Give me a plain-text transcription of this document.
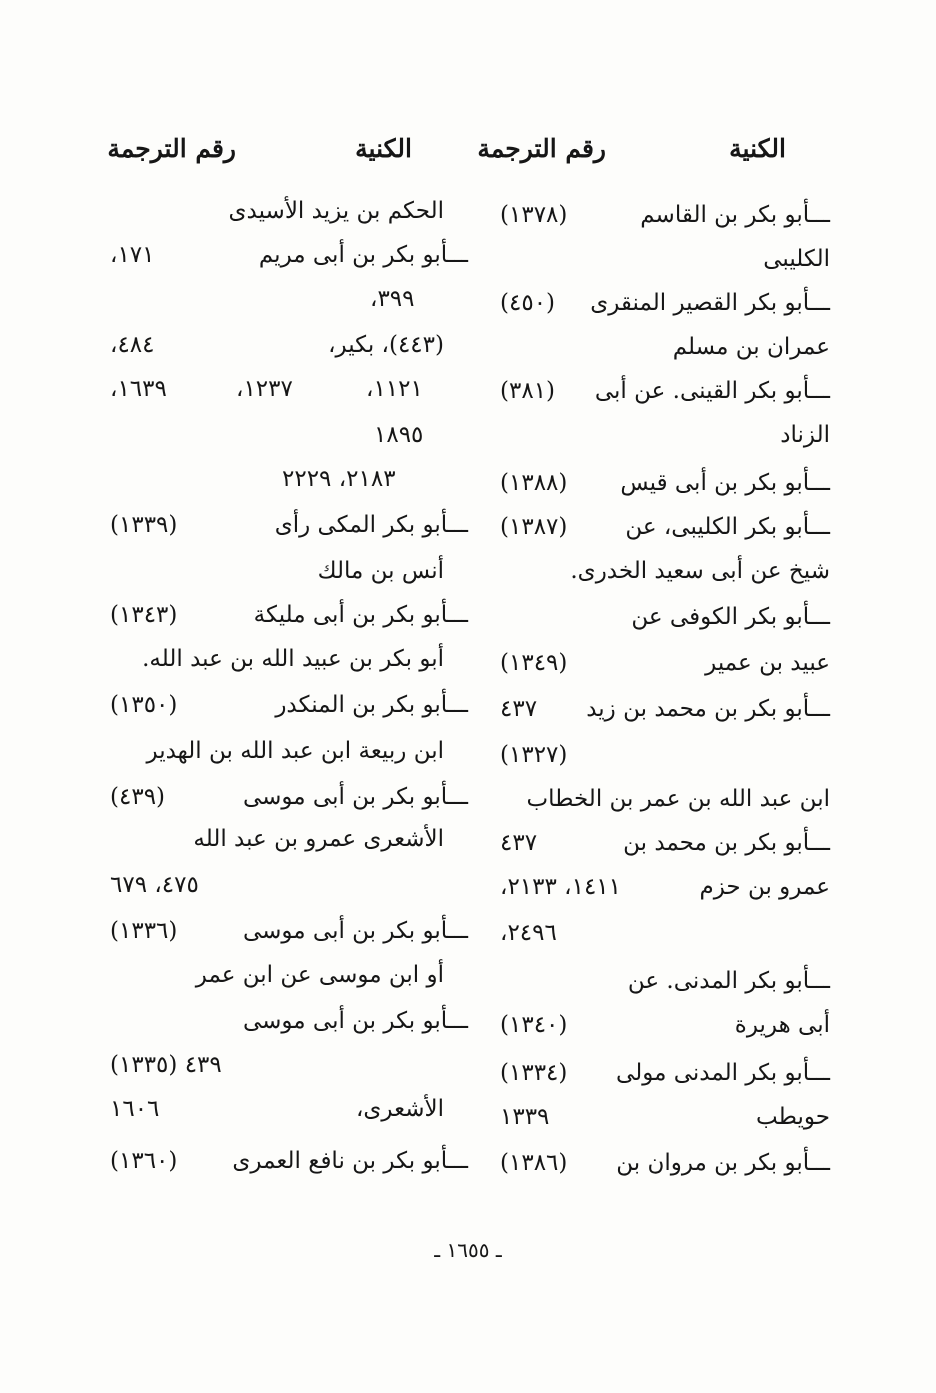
الكنية
رقم الترجمة
الكنية
رقم الترجمة
ـــأبو بكر بن القاسم
الكليبى
ـــأبو بكر القصير المنقرى
عمران بن مسلم
ـــأبو بكر القينى. عن أبى
الزناد
ـــأبو بكر بن أبى قيس
ـــأبو بكر الكليبى، عن
شيخ عن أبى سعيد الخدرى.
ـــأبو بكر الكوفى عن
عبيد بن عمير
ـــأبو بكر بن محمد بن زيد
ابن عبد الله بن عمر بن الخطاب
ـــأبو بكر بن محمد بن
عمرو بن حزم
ـــأبو بكر المدنى. عن
أبى هريرة
ـــأبو بكر المدنى مولى
حويطب
ـــأبو بكر بن مروان بن
(١٣٧٨)
(٤٥٠)
(٣٨١)
(١٣٨٨)
(١٣٨٧)
(١٣٤٩)
٤٣٧
(١٣٢٧)
٤٣٧
١٤١١، ٢١٣٣،
٢٤٩٦،
(١٣٤٠)
(١٣٣٤)
١٣٣٩
(١٣٨٦)
الحكم بن يزيد الأسيدى
ـــأبو بكر بن أبى مريم
(٤٤٣)، بكير،
ـــأبو بكر المكى رأى
أنس بن مالك
ـــأبو بكر بن أبى مليكة
أبو بكر بن عبيد الله بن عبد الله.
ـــأبو بكر بن المنكدر
ابن ربيعة ابن عبد الله بن الهدير
ـــأبو بكر بن أبى موسى
الأشعرى عمرو بن عبد الله
ـــأبو بكر بن أبى موسى
أو ابن موسى عن ابن عمر
ـــأبو بكر بن أبى موسى
الأشعرى،
ـــأبو بكر بن نافع العمرى
١٧١،
٣٩٩،
٤٨٤،
١١٢١،
١٢٣٧،
١٦٣٩،
١٨٩٥
٢١٨٣، ٢٢٢٩
(١٣٣٩)
(١٣٤٣)
(١٣٥٠)
(٤٣٩)
٤٧٥، ٦٧٩
(١٣٣٦)
٤٣٩ (١٣٣٥)
١٦٠٦
(١٣٦٠)
ـ ١٦٥٥ ـ
